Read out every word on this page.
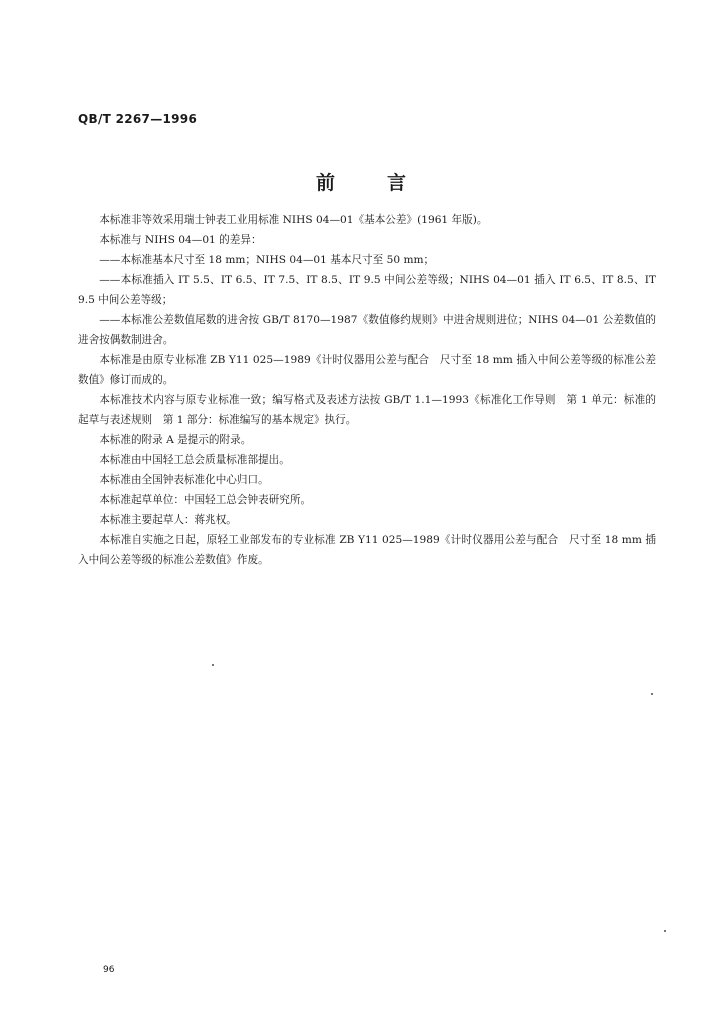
QB/T 2267—1996
前	言

本标准非等效采用瑞士钟表工业用标准 NIHS 04—01《基本公差》(1961 年版)。

本标准与 NIHS 04—01 的差异：

——本标准基本尺寸至 18 mm；NIHS 04—01 基本尺寸至 50 mm；

——本标准插入 IT 5.5、IT 6.5、IT 7.5、IT 8.5、IT 9.5 中间公差等级；NIHS 04—01 插入 IT 6.5、IT 8.5、IT 9.5 中间公差等级；

——本标准公差数值尾数的进舍按 GB/T 8170—1987《数值修约规则》中进舍规则进位；NIHS 04—01 公差数值的进舍按偶数制进舍。

本标准是由原专业标准 ZB Y11 025—1989《计时仪器用公差与配合　尺寸至 18 mm 插入中间公差等级的标准公差数值》修订而成的。

本标准技术内容与原专业标准一致；编写格式及表述方法按 GB/T 1.1—1993《标准化工作导则　第 1 单元：标准的起草与表述规则　第 1 部分：标准编写的基本规定》执行。

本标准的附录 A 是提示的附录。

本标准由中国轻工总会质量标准部提出。

本标准由全国钟表标准化中心归口。

本标准起草单位：中国轻工总会钟表研究所。

本标准主要起草人：蒋兆权。

本标准自实施之日起，原轻工业部发布的专业标准 ZB Y11 025—1989《计时仪器用公差与配合　尺寸至 18 mm 插入中间公差等级的标准公差数值》作废。

96
